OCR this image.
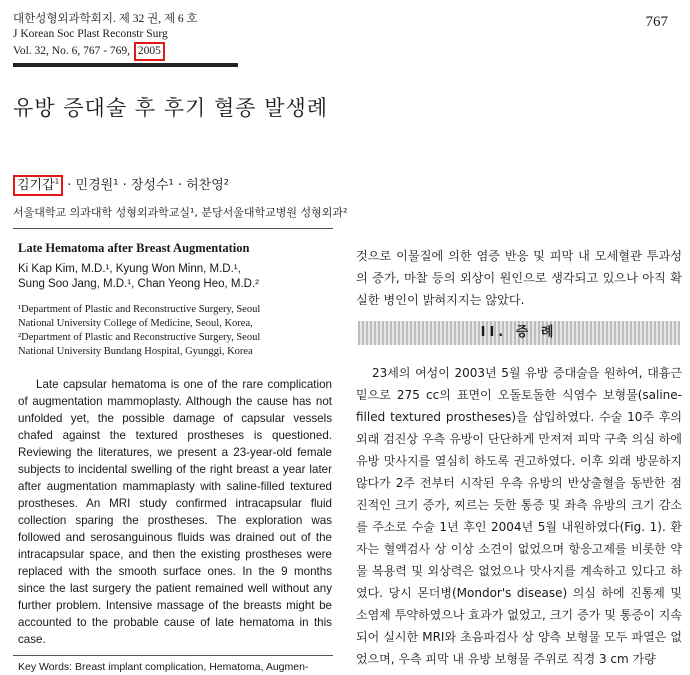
대한성형외과학회지. 제 32 권, 제 6 호
J Korean Soc Plast Reconstr Surg
Vol. 32, No. 6, 767 - 769, 2005
767
유방 증대술 후 후기 혈종 발생례
김기갑$^1$ · 민경원¹ · 장성수¹ · 허찬영²
서울대학교 의과대학 성형외과학교실¹, 분당서울대학교병원 성형외과²
Late Hematoma after Breast Augmentation
Ki Kap Kim, M.D.¹, Kyung Won Minn, M.D.¹,
Sung Soo Jang, M.D.¹, Chan Yeong Heo, M.D.²
¹Department of Plastic and Reconstructive Surgery, Seoul
National University College of Medicine, Seoul, Korea,
²Department of Plastic and Reconstructive Surgery, Seoul
National University Bundang Hospital, Gyunggi, Korea
Late capsular hematoma is one of the rare complication of augmentation mammoplasty. Although the cause has not unfolded yet, the possible damage of capsular vessels chafed against the textured prostheses is questioned. Reviewing the literatures, we present a 23-year-old female subjects to incidental swelling of the right breast a year later after augmentation mammaplasty with saline-filled textured prostheses. An MRI study confirmed intracapsular fluid collection sparing the prostheses. The exploration was followed and serosanguinous fluids was drained out of the intracapsular space, and then the existing prostheses were replaced with the smooth surface ones. In the 9 months since the last surgery the patient remained well without any further problem. Intensive massage of the breasts might be accounted to the probable cause of late hematoma in this case.
Key Words: Breast implant complication, Hematoma, Augmen-
것으로 이물질에 의한 염증 반응 및 피막 내 모세혈관 투과성의 증가, 마찰 등의 외상이 원인으로 생각되고 있으나 아직 확실한 병인이 밝혀지지는 않았다.
II. 증 례
23세의 여성이 2003년 5월 유방 증대술을 원하여, 대흉근 밑으로 275 cc의 표면이 오돌토돌한 식염수 보형물(saline-filled textured prostheses)을 삽입하였다. 수술 10주 후의 외래 검진상 우측 유방이 단단하게 만져져 피막 구축 의심 하에 유방 맛사지를 열심히 하도록 권고하였다. 이후 외래 방문하지 않다가 2주 전부터 시작된 우측 유방의 반상출혈을 동반한 점진적인 크기 증가, 찌르는 듯한 통증 및 좌측 유방의 크기 감소를 주소로 수술 1년 후인 2004년 5월 내원하였다(Fig. 1). 환자는 혈액검사 상 이상 소견이 없었으며 항응고제를 비롯한 약물 복용력 및 외상력은 없었으나 맛사지를 계속하고 있다고 하였다. 당시 몬더병(Mondor's disease) 의심 하에 진통제 및 소염제 투약하였으나 효과가 없었고, 크기 증가 및 통증이 지속되어 실시한 MRI와 초음파검사 상 양측 보형물 모두 파열은 없었으며, 우측 피막 내 유방 보형물 주위로 직경 3 cm 가량
